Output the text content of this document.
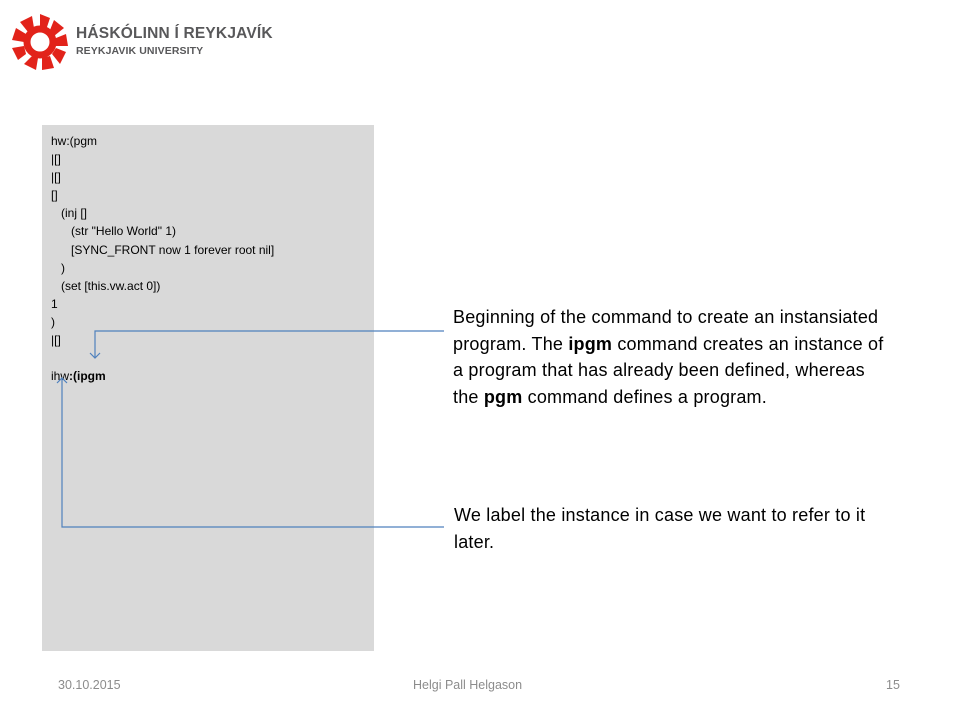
HÁSKÓLINN Í REYKJAVÍK
REYKJAVIK UNIVERSITY
hw:(pgm
|[]
|[]
[]
(inj []
(str "Hello World" 1)
[SYNC_FRONT now 1 forever root nil]
)
(set [this.vw.act 0])
1
)
|[]
ihw:(ipgm
Beginning of the command to create an instansiated program. The ipgm command creates an instance of a program that has already been defined, whereas the pgm command defines a program.
We label the instance in case we want to refer to it later.
30.10.2015	Helgi Pall Helgason	15
